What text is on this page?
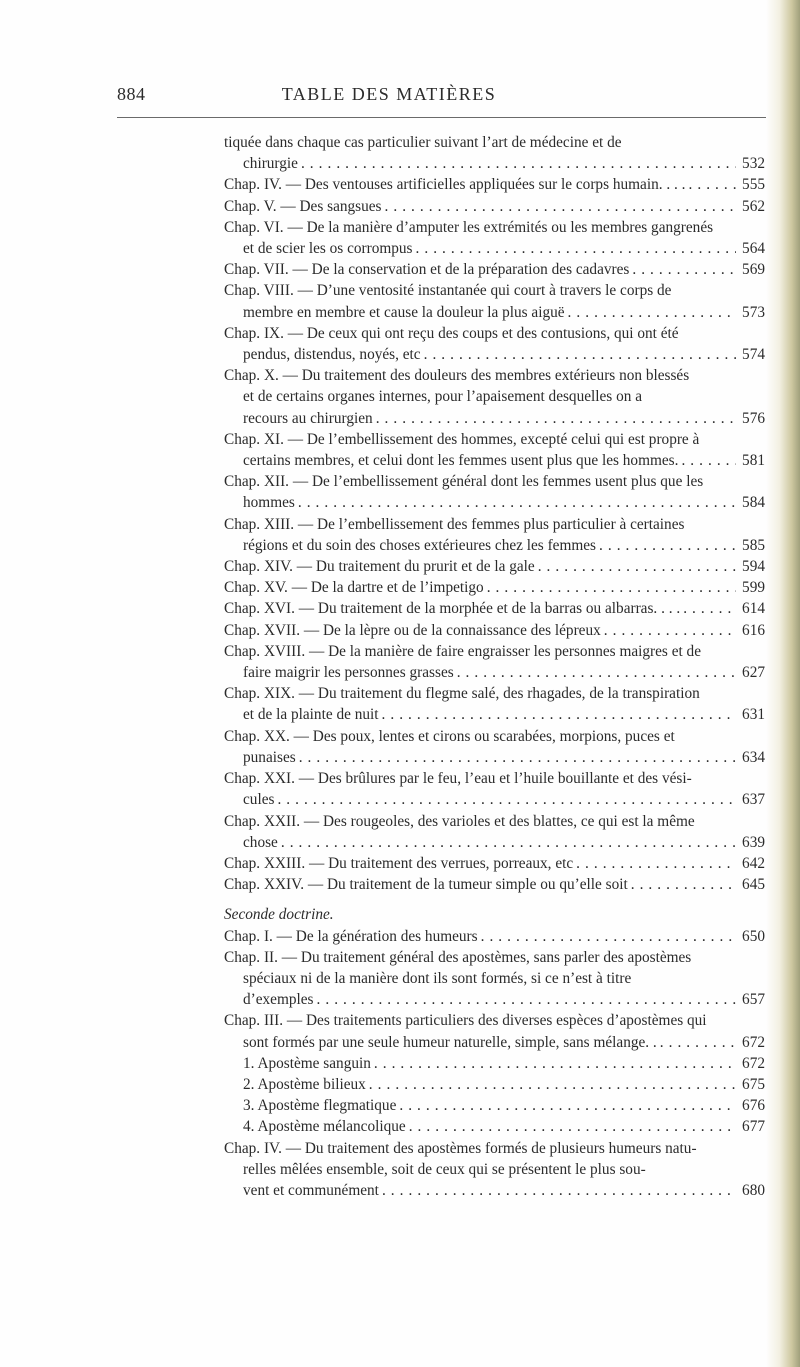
884	TABLE DES MATIÈRES
tiquée dans chaque cas particulier suivant l’art de médecine et de
chirurgie . . .	532
Chap. IV. — Des ventouses artificielles appliquées sur le corps humain. . . . . . .	555
Chap. V. — Des sangsues . . .	562
Chap. VI. — De la manière d’amputer les extrémités ou les membres gangrenés
et de scier les os corrompus . . .	564
Chap. VII. — De la conservation et de la préparation des cadavres . . .	569
Chap. VIII. — D’une ventosité instantanée qui court à travers le corps de
membre en membre et cause la douleur la plus aiguë . . .	573
Chap. IX. — De ceux qui ont reçu des coups et des contusions, qui ont été
pendus, distendus, noyés, etc . . .	574
Chap. X. — Du traitement des douleurs des membres extérieurs non blessés
et de certains organes internes, pour l’apaisement desquelles on a
recours au chirurgien . . .	576
Chap. XI. — De l’embellissement des hommes, excepté celui qui est propre à
certains membres, et celui dont les femmes usent plus que les hommes. . . .	581
Chap. XII. — De l’embellissement général dont les femmes usent plus que les
hommes . . .	584
Chap. XIII. — De l’embellissement des femmes plus particulier à certaines
régions et du soin des choses extérieures chez les femmes . . .	585
Chap. XIV. — Du traitement du prurit et de la gale . . .	594
Chap. XV. — De la dartre et de l’impetigo . . .	599
Chap. XVI. — Du traitement de la morphée et de la barras ou albarras. . . . . . .	614
Chap. XVII. — De la lèpre ou de la connaissance des lépreux . . .	616
Chap. XVIII. — De la manière de faire engraisser les personnes maigres et de
faire maigrir les personnes grasses . . .	627
Chap. XIX. — Du traitement du flegme salé, des rhagades, de la transpiration
et de la plainte de nuit . . .	631
Chap. XX. — Des poux, lentes et cirons ou scarabées, morpions, puces et
punaises . . .	634
Chap. XXI. — Des brûlures par le feu, l’eau et l’huile bouillante et des vési-
cules . . .	637
Chap. XXII. — Des rougeoles, des varioles et des blattes, ce qui est la même
chose . . .	639
Chap. XXIII. — Du traitement des verrues, porreaux, etc . . .	642
Chap. XXIV. — Du traitement de la tumeur simple ou qu’elle soit . . .	645
Seconde doctrine.
Chap. I. — De la génération des humeurs . . .	650
Chap. II. — Du traitement général des apostèmes, sans parler des apostèmes
spéciaux ni de la manière dont ils sont formés, si ce n’est à titre
d’exemples . . .	657
Chap. III. — Des traitements particuliers des diverses espèces d’apostèmes qui
sont formés par une seule humeur naturelle, simple, sans mélange. . . . .	672
1. Apostème sanguin . . .	672
2. Apostème bilieux . . .	675
3. Apostème flegmatique . . .	676
4. Apostème mélancolique . . .	677
Chap. IV. — Du traitement des apostèmes formés de plusieurs humeurs natu-
relles mêlées ensemble, soit de ceux qui se présentent le plus sou-
vent et communément . . .	680
